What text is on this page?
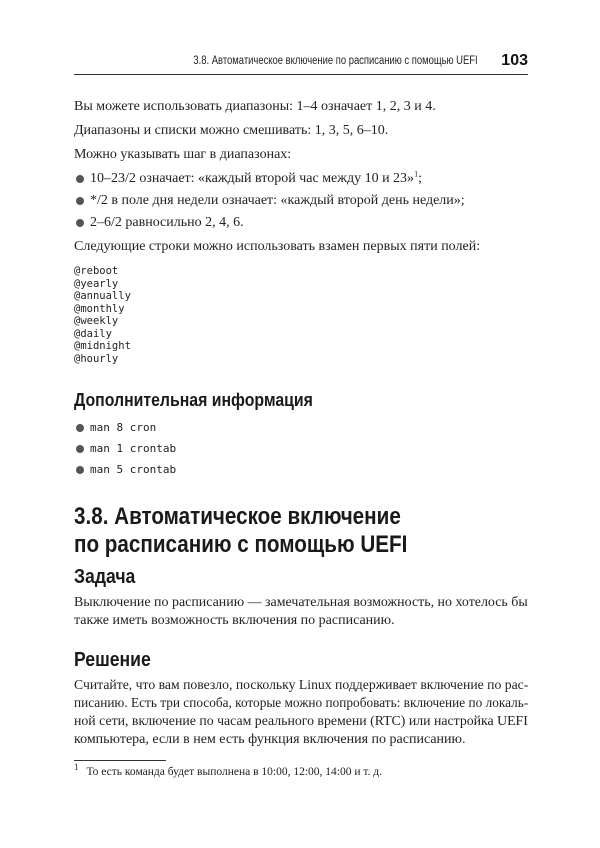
3.8. Автоматическое включение по расписанию с помощью UEFI 103
Вы можете использовать диапазоны: 1–4 означает 1, 2, 3 и 4.
Диапазоны и списки можно смешивать: 1, 3, 5, 6–10.
Можно указывать шаг в диапазонах:
10–23/2 означает: «каждый второй час между 10 и 23»$^1$;
*/2 в поле дня недели означает: «каждый второй день недели»;
2–6/2 равносильно 2, 4, 6.
Следующие строки можно использовать взамен первых пяти полей:
@reboot
@yearly
@annually
@monthly
@weekly
@daily
@midnight
@hourly
Дополнительная информация
man 8 cron
man 1 crontab
man 5 crontab
3.8. Автоматическое включение
по расписанию с помощью UEFI
Задача
Выключение по расписанию — замечательная возможность, но хотелось бы
также иметь возможность включения по расписанию.
Решение
Считайте, что вам повезло, поскольку Linux поддерживает включение по рас-
писанию. Есть три способа, которые можно попробовать: включение по локаль-
ной сети, включение по часам реального времени (RTC) или настройка UEFI
компьютера, если в нем есть функция включения по расписанию.
$^1$ То есть команда будет выполнена в 10:00, 12:00, 14:00 и т. д.
